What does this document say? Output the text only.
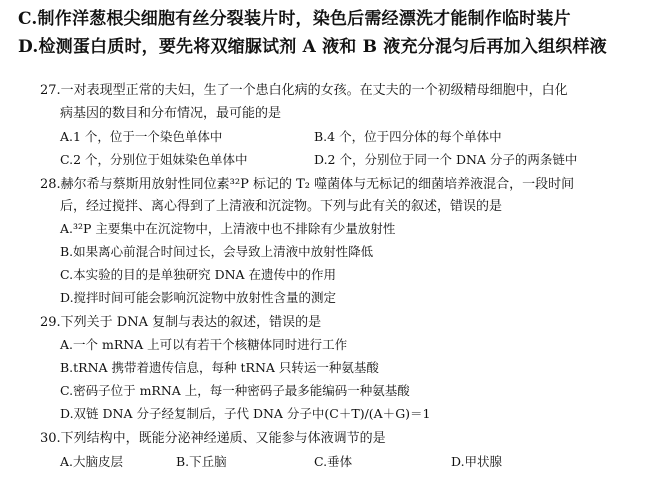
C.制作洋葱根尖细胞有丝分裂装片时，染色后需经漂洗才能制作临时装片
D.检测蛋白质时，要先将双缩脲试剂 A 液和 B 液充分混匀后再加入组织样液
27.一对表现型正常的夫妇，生了一个患白化病的女孩。在丈夫的一个初级精母细胞中，白化
病基因的数目和分布情况，最可能的是
A.1 个，位于一个染色单体中	B.4 个，位于四分体的每个单体中
C.2 个，分别位于姐妹染色单体中	D.2 个，分别位于同一个 DNA 分子的两条链中
28.赫尔希与蔡斯用放射性同位素³²P 标记的 T₂ 噬菌体与无标记的细菌培养液混合，一段时间
后，经过搅拌、离心得到了上清液和沉淀物。下列与此有关的叙述，错误的是
A.³²P 主要集中在沉淀物中，上清液中也不排除有少量放射性
B.如果离心前混合时间过长，会导致上清液中放射性降低
C.本实验的目的是单独研究 DNA 在遗传中的作用
D.搅拌时间可能会影响沉淀物中放射性含量的测定
29.下列关于 DNA 复制与表达的叙述，错误的是
A.一个 mRNA 上可以有若干个核糖体同时进行工作
B.tRNA 携带着遗传信息，每种 tRNA 只转运一种氨基酸
C.密码子位于 mRNA 上，每一种密码子最多能编码一种氨基酸
D.双链 DNA 分子经复制后，子代 DNA 分子中(C＋T)/(A＋G)＝1
30.下列结构中，既能分泌神经递质、又能参与体液调节的是
A.大脑皮层	B.下丘脑	C.垂体	D.甲状腺
